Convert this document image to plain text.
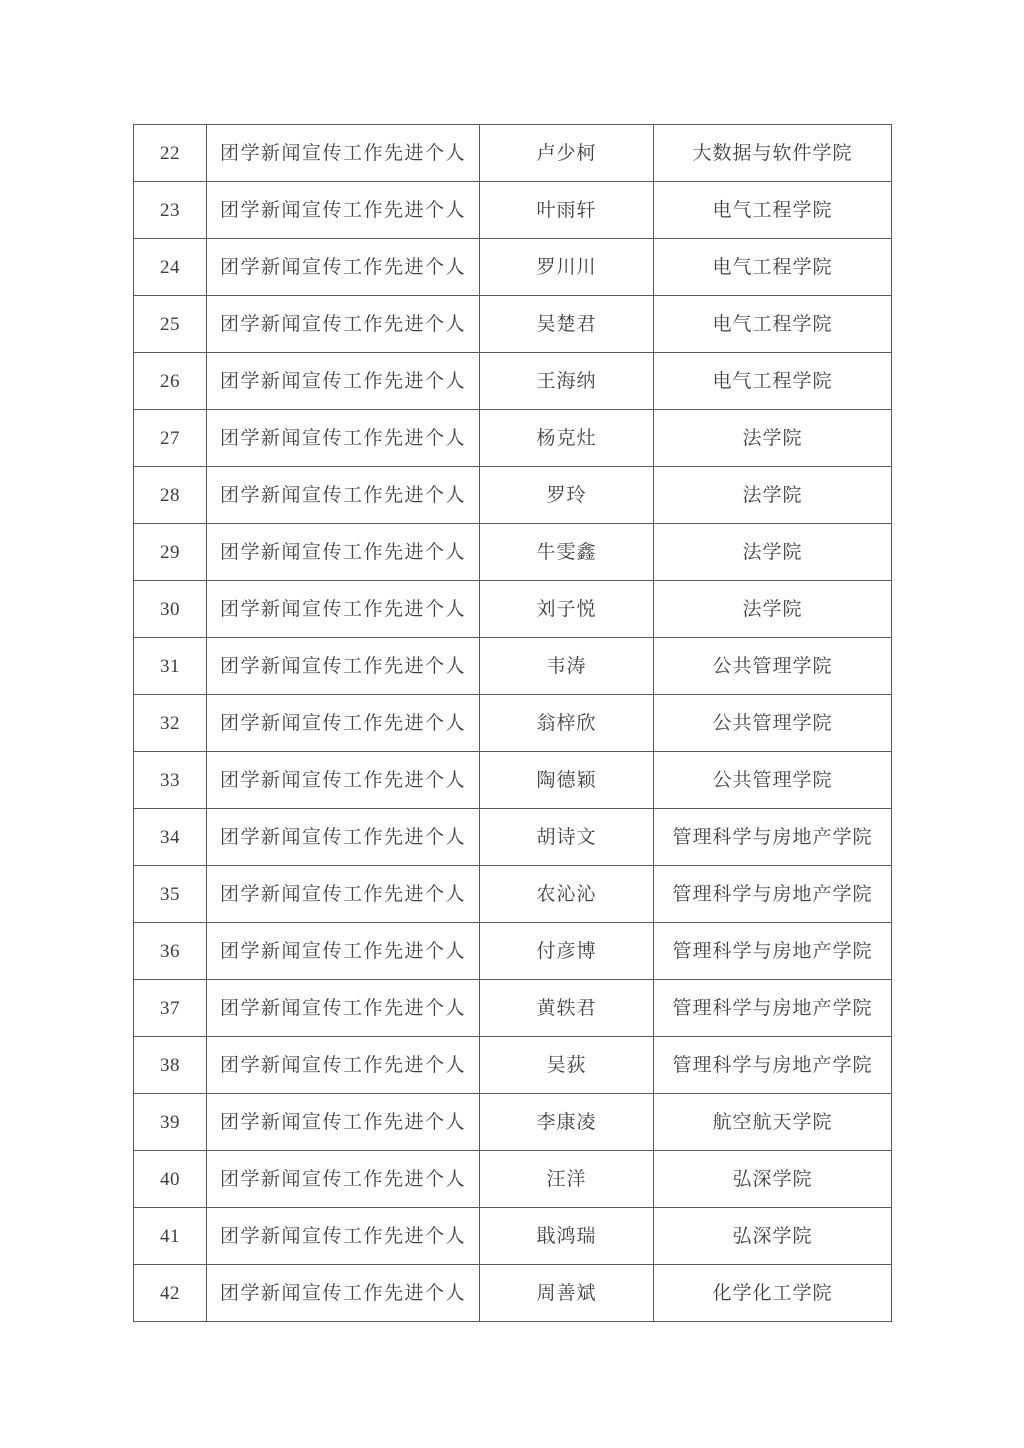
22	团学新闻宣传工作先进个人	卢少柯	大数据与软件学院
23	团学新闻宣传工作先进个人	叶雨轩	电气工程学院
24	团学新闻宣传工作先进个人	罗川川	电气工程学院
25	团学新闻宣传工作先进个人	吴楚君	电气工程学院
26	团学新闻宣传工作先进个人	王海纳	电气工程学院
27	团学新闻宣传工作先进个人	杨克灶	法学院
28	团学新闻宣传工作先进个人	罗玲	法学院
29	团学新闻宣传工作先进个人	牛雯鑫	法学院
30	团学新闻宣传工作先进个人	刘子悦	法学院
31	团学新闻宣传工作先进个人	韦涛	公共管理学院
32	团学新闻宣传工作先进个人	翁梓欣	公共管理学院
33	团学新闻宣传工作先进个人	陶德颖	公共管理学院
34	团学新闻宣传工作先进个人	胡诗文	管理科学与房地产学院
35	团学新闻宣传工作先进个人	农沁沁	管理科学与房地产学院
36	团学新闻宣传工作先进个人	付彦博	管理科学与房地产学院
37	团学新闻宣传工作先进个人	黄轶君	管理科学与房地产学院
38	团学新闻宣传工作先进个人	吴荻	管理科学与房地产学院
39	团学新闻宣传工作先进个人	李康凌	航空航天学院
40	团学新闻宣传工作先进个人	汪洋	弘深学院
41	团学新闻宣传工作先进个人	戢鸿瑞	弘深学院
42	团学新闻宣传工作先进个人	周善斌	化学化工学院
